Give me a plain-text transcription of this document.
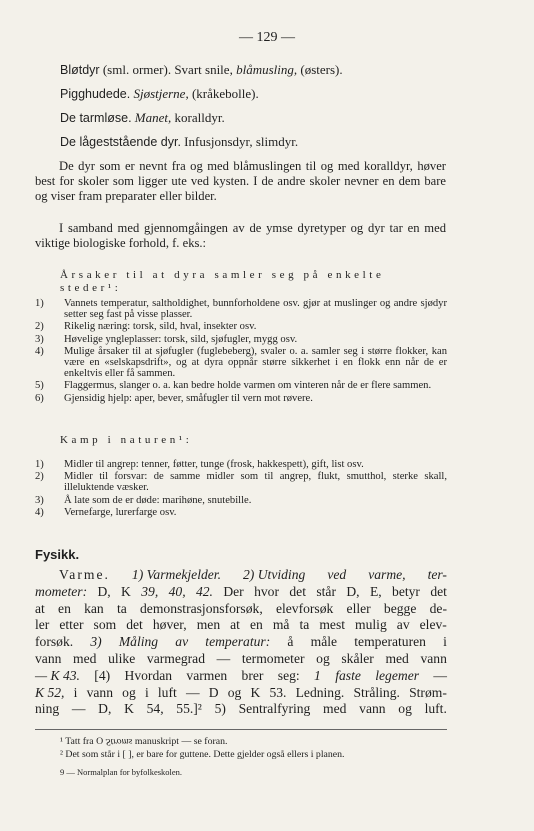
— 129 —
Bløtdyr (sml. ormer). Svart snile, blåmusling, (østers).
Pigghudede. Sjøstjerne, (kråkebolle).
De tarmløse. Manet, koralldyr.
De lågeststående dyr. Infusjonsdyr, slimdyr.

De dyr som er nevnt fra og med blåmuslingen til og med koralldyr, høver best for skoler som ligger ute ved kysten. I de andre skoler nevner en dem bare og viser fram preparater eller bilder.

I samband med gjennomgåingen av de ymse dyretyper og dyr tar en med viktige biologiske forhold, f. eks.:

Årsaker til at dyra samler seg på enkelte steder¹:
1) Vannets temperatur, saltholdighet, bunnforholdene osv. gjør at muslinger og andre sjødyr setter seg fast på visse plasser.
2) Rikelig næring: torsk, sild, hval, insekter osv.
3) Høvelige yngleplasser: torsk, sild, sjøfugler, mygg osv.
4) Mulige årsaker til at sjøfugler (fuglebeberg), svaler o. a. samler seg i større flokker, kan være en «selskapsdrift», og at dyra oppnår større sikkerhet i en flokk enn når de er enkeltvis eller få sammen.
5) Flaggermus, slanger o. a. kan bedre holde varmen om vinteren når de er flere sammen.
6) Gjensidig hjelp: aper, bever, småfugler til vern mot røvere.
Kamp i naturen¹:
1) Midler til angrep: tenner, føtter, tunge (frosk, hakkespett), gift, list osv.
2) Midler til forsvar: de samme midler som til angrep, flukt, smutthol, sterke skall, illeluktende væsker.
3) Å late som de er døde: marihøne, snutebille.
4) Vernefarge, lurerfarge osv.
Fysikk.
Varme. 1) Varmekjelder. 2) Utviding ved varme, ter-
mometer: D, K 39, 40, 42. Der hvor det står D, E, betyr det
at en kan ta demonstrasjonsforsøk, elevforsøk eller begge de-
ler etter som det høver, men at en må ta mest mulig av elev-
forsøk. 3) Måling av temperatur: å måle temperaturen i
vann med ulike varmegrad — termometer og skåler med vann
— K 43. [4) Hvordan varmen brer seg: 1 faste legemer —
K 52, i vann og i luft — D og K 53. Ledning. Stråling. Strøm-
ning — D, K 54, 55.]² 5) Sentralfyring med vann og luft.
¹ Tatt fra O Stroms manuskript — se foran.
² Det som står i [ ], er bare for guttene. Dette gjelder også ellers i planen.
9 — Normalplan for byfolkeskolen.
